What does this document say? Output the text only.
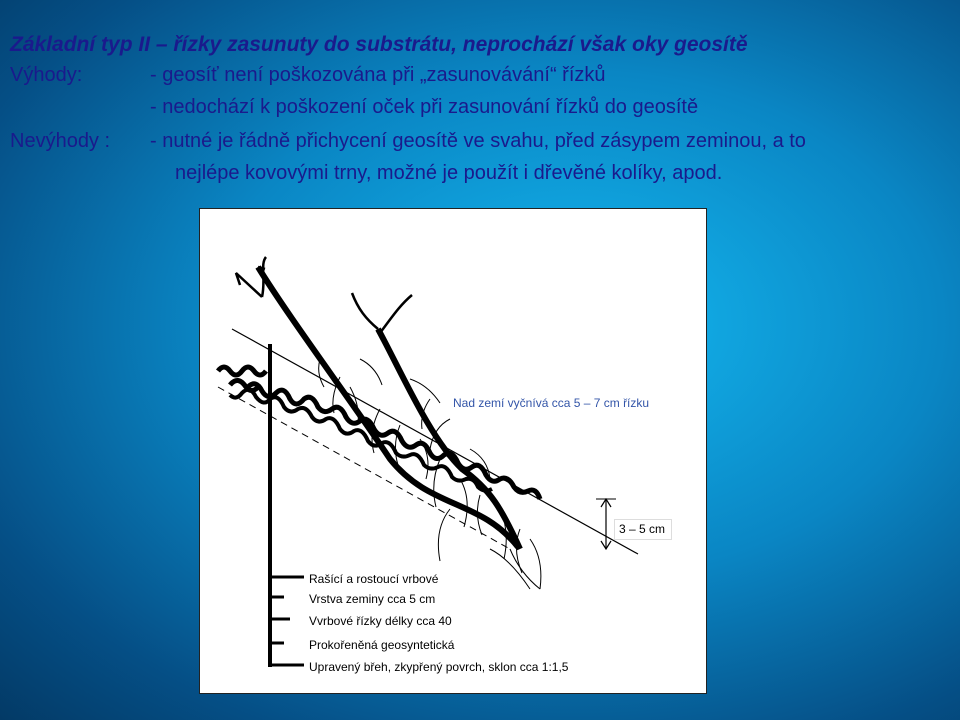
Základní typ II – řízky zasunuty do substrátu, neprochází však oky geosítě

Výhody:	- geosíť není poškozována při „zasunovávání“ řízků

- nedochází k poškození oček při zasunování řízků do geosítě

Nevýhody : - nutné je řádně přichycení geosítě ve svahu, před zásypem zeminou, a to

nejlépe kovovými trny, možné je použít i dřevěné kolíky, apod.

Nad zemí vyčnívá cca 5 – 7 cm řízku

3 – 5 cm

Rašící a rostoucí vrbové

Vrstva zeminy cca 5 cm

Vvrbové řízky délky cca 40

Prokořeněná geosyntetická

Upravený břeh, zkypřený povrch, sklon cca 1:1,5
